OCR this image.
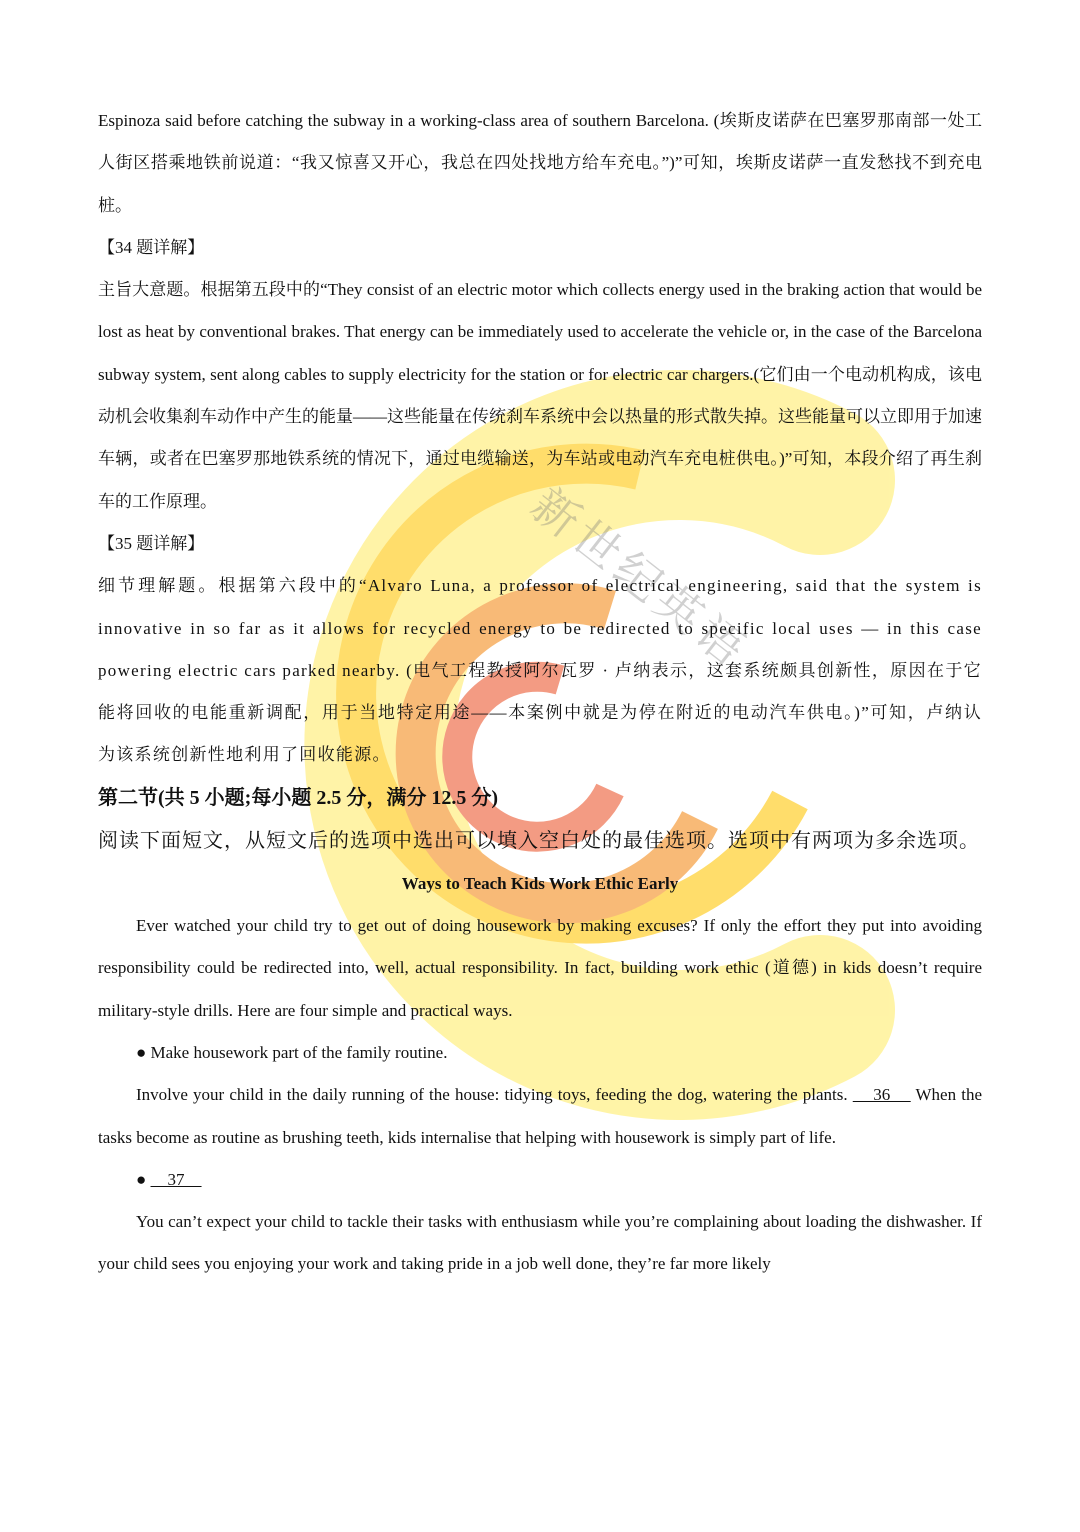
新世纪英语

Espinoza said before catching the subway in a working-class area of southern Barcelona. (埃斯皮诺萨在巴塞罗那南部一处工人街区搭乘地铁前说道：“我又惊喜又开心，我总在四处找地方给车充电。”)”可知，埃斯皮诺萨一直发愁找不到充电桩。

【34 题详解】

主旨大意题。根据第五段中的“They consist of an electric motor which collects energy used in the braking action that would be lost as heat by conventional brakes. That energy can be immediately used to accelerate the vehicle or, in the case of the Barcelona subway system, sent along cables to supply electricity for the station or for electric car chargers.(它们由一个电动机构成，该电动机会收集刹车动作中产生的能量——这些能量在传统刹车系统中会以热量的形式散失掉。这些能量可以立即用于加速车辆，或者在巴塞罗那地铁系统的情况下，通过电缆输送，为车站或电动汽车充电桩供电。)”可知，本段介绍了再生刹车的工作原理。

【35 题详解】

细节理解题。根据第六段中的“Alvaro Luna, a professor of electrical engineering, said that the system is innovative in so far as it allows for recycled energy to be redirected to specific local uses — in this case powering electric cars parked nearby. (电气工程教授阿尔瓦罗 · 卢纳表示，这套系统颇具创新性，原因在于它能将回收的电能重新调配，用于当地特定用途——本案例中就是为停在附近的电动汽车供电。)”可知，卢纳认为该系统创新性地利用了回收能源。

第二节(共 5 小题;每小题 2.5 分，满分 12.5 分)

阅读下面短文，从短文后的选项中选出可以填入空白处的最佳选项。选项中有两项为多余选项。

Ways to Teach Kids Work Ethic Early

Ever watched your child try to get out of doing housework by making excuses? If only the effort they put into avoiding responsibility could be redirected into, well, actual responsibility. In fact, building work ethic (道德) in kids doesn’t require military-style drills. Here are four simple and practical ways.

● Make housework part of the family routine.

Involve your child in the daily running of the house: tidying toys, feeding the dog, watering the plants.     36     When the tasks become as routine as brushing teeth, kids internalise that helping with housework is simply part of life.

●     37

You can’t expect your child to tackle their tasks with enthusiasm while you’re complaining about loading the dishwasher. If your child sees you enjoying your work and taking pride in a job well done, they’re far more likely
